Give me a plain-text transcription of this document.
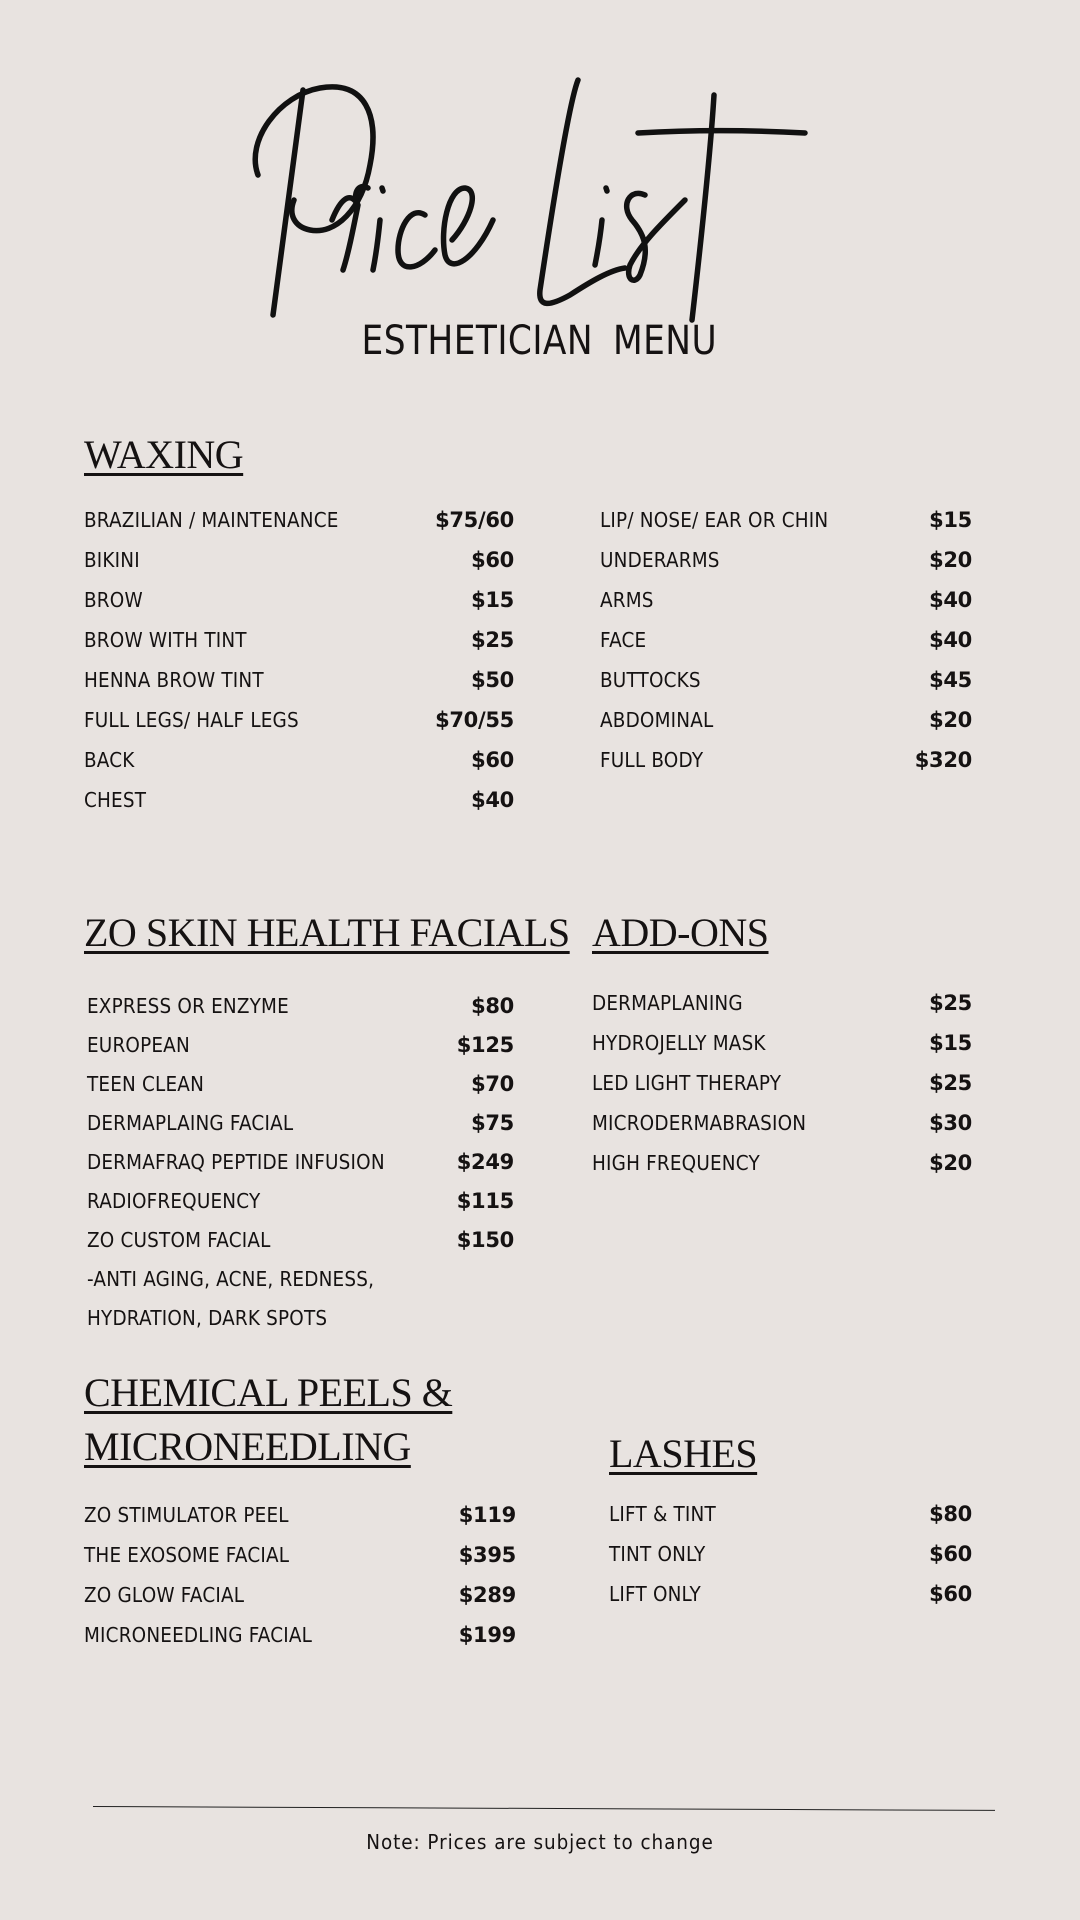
ESTHETICIAN MENU
WAXING
BRAZILIAN / MAINTENANCE	$75/60
BIKINI	$60
BROW	$15
BROW WITH TINT	$25
HENNA BROW TINT	$50
FULL LEGS/ HALF LEGS	$70/55
BACK	$60
CHEST	$40
LIP/ NOSE/ EAR OR CHIN	$15
UNDERARMS	$20
ARMS	$40
FACE	$40
BUTTOCKS	$45
ABDOMINAL	$20
FULL BODY	$320
ZO SKIN HEALTH FACIALS
EXPRESS OR ENZYME	$80
EUROPEAN	$125
TEEN CLEAN	$70
DERMAPLAING FACIAL	$75
DERMAFRAQ PEPTIDE INFUSION	$249
RADIOFREQUENCY	$115
ZO CUSTOM FACIAL	$150
-ANTI AGING, ACNE, REDNESS,
HYDRATION, DARK SPOTS
ADD-ONS
DERMAPLANING	$25
HYDROJELLY MASK	$15
LED LIGHT THERAPY	$25
MICRODERMABRASION	$30
HIGH FREQUENCY	$20
CHEMICAL PEELS &
MICRONEEDLING
ZO STIMULATOR PEEL	$119
THE EXOSOME FACIAL	$395
ZO GLOW FACIAL	$289
MICRONEEDLING FACIAL	$199
LASHES
LIFT & TINT	$80
TINT ONLY	$60
LIFT ONLY	$60
Note: Prices are subject to change
